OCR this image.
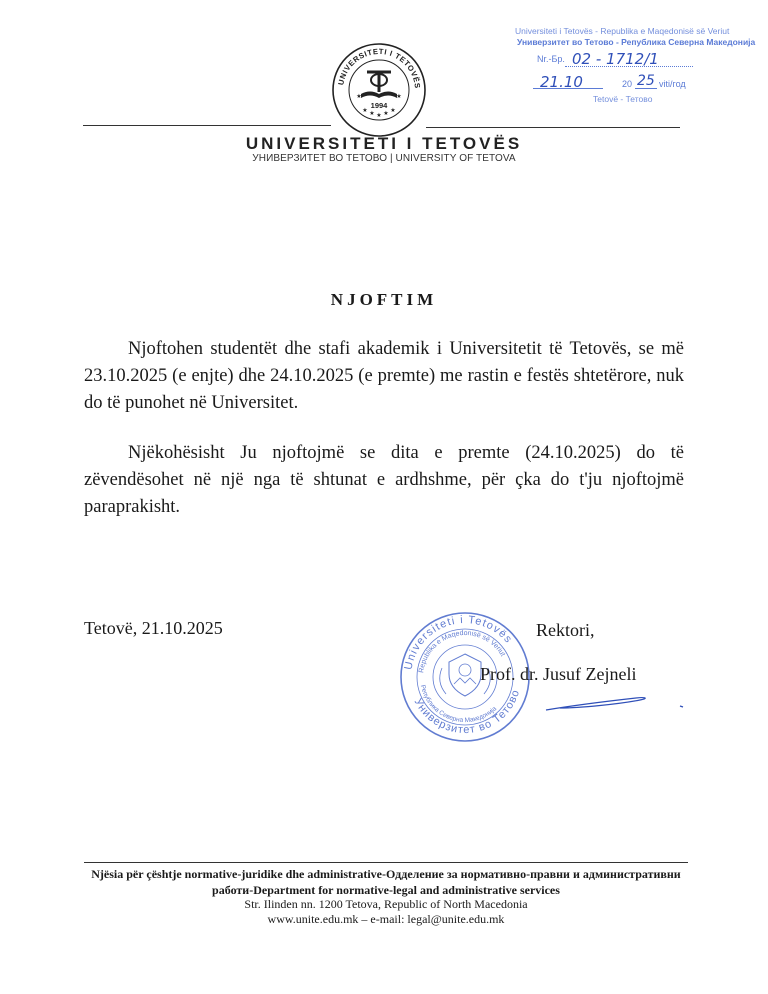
UNIVERSITETI I TETOVËS
1994
★	★
★	★
★
★ ★
UNIVERSITETI I TETOVËS
УНИВЕРЗИТЕТ ВО ТЕТОВО | UNIVERSITY OF TETOVA
Universiteti i Tetovës - Republika e Maqedonisë së Veriut
Универзитет во Тетово - Република Северна Македонија
Nr.-Бр. 02 - 1712/1
21.10	20 25 viti/год
Tetovë - Тетово
NJOFTIM
Njoftohen studentët dhe stafi akademik i Universitetit të Tetovës, se më 23.10.2025 (e enjte) dhe 24.10.2025 (e premte) me rastin e festës shtetërore, nuk do të punohet në Universitet.
Njëkohësisht Ju njoftojmë se dita e premte (24.10.2025) do të zëvendësohet në një nga të shtunat e ardhshme, për çka do t'ju njoftojmë paraprakisht.
Tetovë, 21.10.2025
Universiteti i Tetovës
Republika e Maqedonisë së Veriut
Универзитет во Тетово
Република Северна Македонија
Rektori,
Prof. dr. Jusuf Zejneli
Njësia për çështje normative-juridike dhe administrative-Одделение за нормативно-правни и административни работи-Department for normative-legal and administrative services
Str. Ilinden nn. 1200 Tetova, Republic of North Macedonia
www.unite.edu.mk – e-mail: legal@unite.edu.mk
